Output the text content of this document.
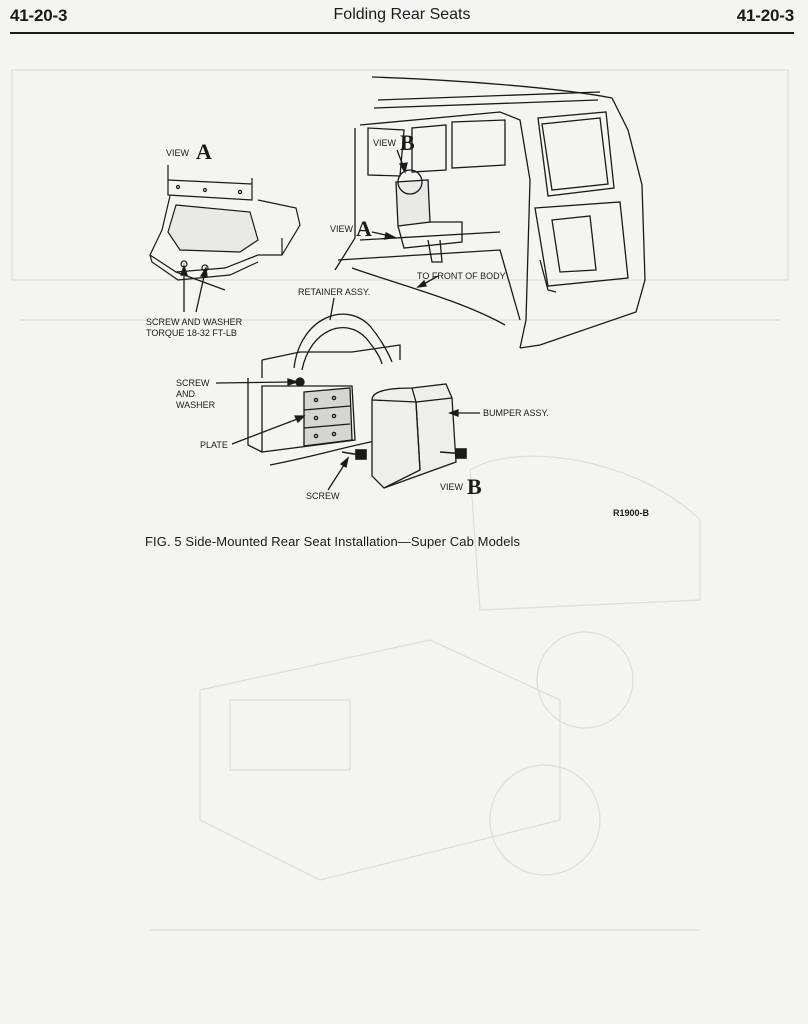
41-20-3	Folding Rear Seats	41-20-3
VIEW A	VIEW B
VIEW A
TO FRONT OF BODY
RETAINER ASSY.
SCREW AND WASHER
TORQUE 18-32 FT-LB
SCREW
AND
WASHER
PLATE
BUMPER ASSY.
SCREW
VIEW B
R1900-B
FIG. 5 Side-Mounted Rear Seat Installation—Super Cab Models
